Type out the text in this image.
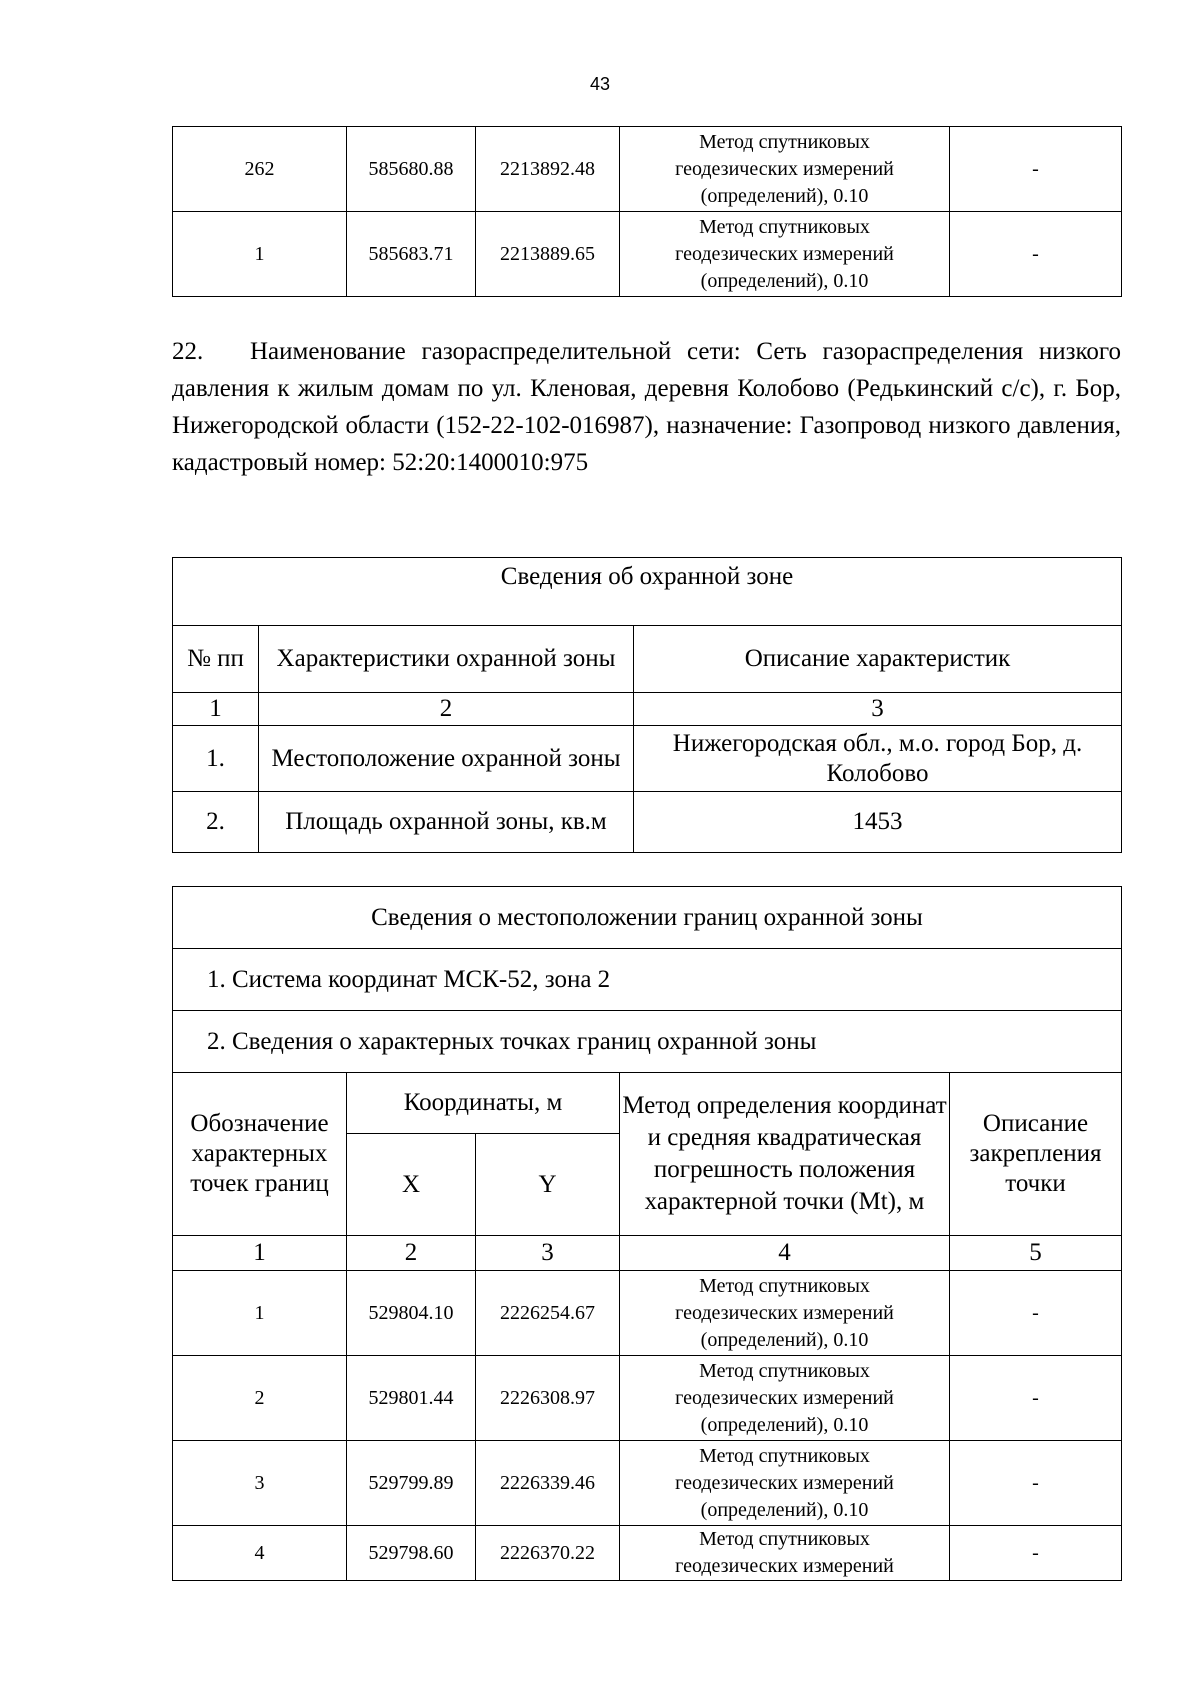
43
262	585680.88	2213892.48	Метод спутниковых
геодезических измерений
(определений), 0.10	-
1	585683.71	2213889.65	Метод спутниковых
геодезических измерений
(определений), 0.10	-

22. Наименование газораспределительной сети: Сеть газораспределения низкого давления к жилым домам по ул. Кленовая, деревня Колобово (Редькинский с/с), г. Бор, Нижегородской области (152-22-102-016987), назначение: Газопровод низкого давления, кадастровый номер: 52:20:1400010:975

Сведения об охранной зоне		
№ пп	Характеристики охранной зоны	Описание характеристик
1	2	3
1.	Местоположение охранной зоны	Нижегородская обл., м.о. город Бор, д. Колобово
2.	Площадь охранной зоны, кв.м	1453
Сведения о местоположении границ охранной зоны				
1. Система координат МСК-52, зона 2				
2. Сведения о характерных точках границ охранной зоны				
Обозначение характерных точек границ	Координаты, м		Метод определения координат и средняя квадратическая погрешность положения характерной точки (Mt), м	Описание закрепления точки
	X	Y		
1	2	3	4	5
1	529804.10	2226254.67	Метод спутниковых
геодезических измерений
(определений), 0.10	-
2	529801.44	2226308.97	Метод спутниковых
геодезических измерений
(определений), 0.10	-
3	529799.89	2226339.46	Метод спутниковых
геодезических измерений
(определений), 0.10	-
4	529798.60	2226370.22	Метод спутниковых
геодезических измерений	-
